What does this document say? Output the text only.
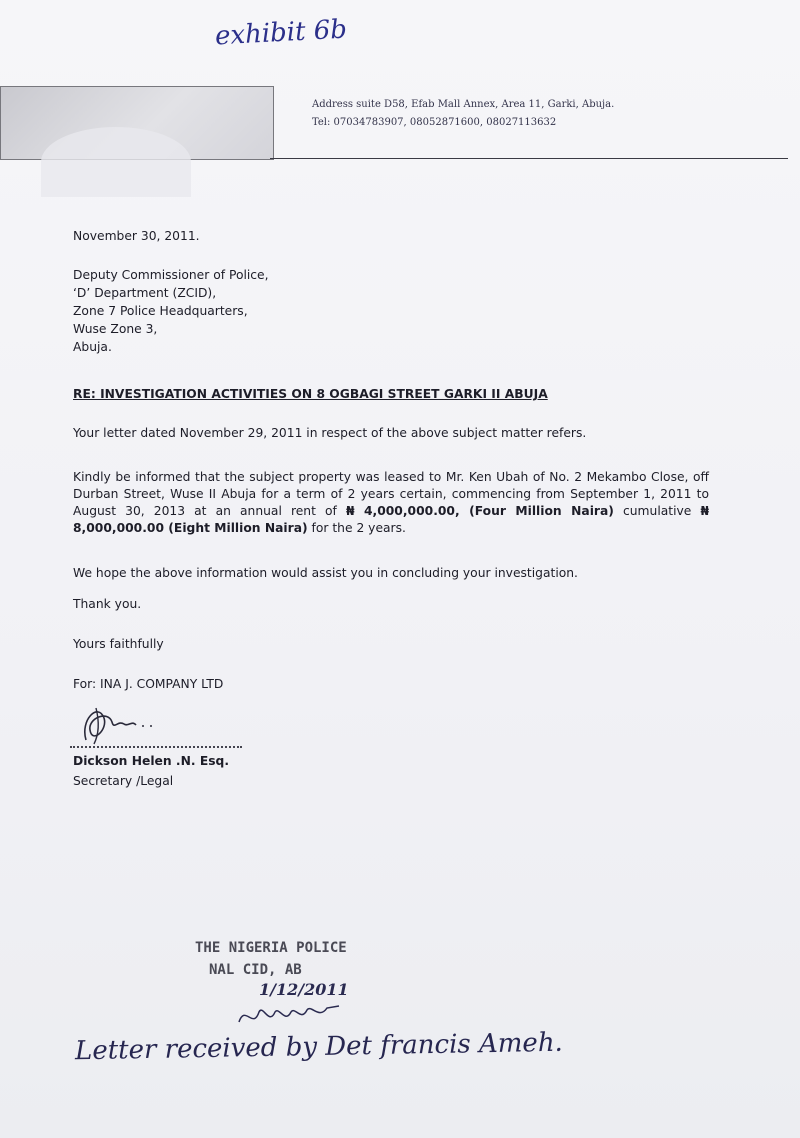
exhibit 6b
Address suite D58, Efab Mall Annex, Area 11, Garki, Abuja.
Tel: 07034783907, 08052871600, 08027113632
November 30, 2011.
Deputy Commissioner of Police,
‘D’ Department (ZCID),
Zone 7 Police Headquarters,
Wuse Zone 3,
Abuja.
RE: INVESTIGATION ACTIVITIES ON 8 OGBAGI STREET GARKI II ABUJA
Your letter dated November 29, 2011 in respect of the above subject matter refers.
Kindly be informed that the subject property was leased to Mr. Ken Ubah of No. 2 Mekambo Close, off Durban Street, Wuse II Abuja for a term of 2 years certain, commencing from September 1, 2011 to August 30, 2013 at an annual rent of ₦ 4,000,000.00, (Four Million Naira) cumulative ₦ 8,000,000.00 (Eight Million Naira) for the 2 years.
We hope the above information would assist you in concluding your investigation.
Thank you.
Yours faithfully
For: INA J. COMPANY LTD
Dickson Helen .N. Esq.
Secretary /Legal
THE NIGERIA POLICE
NAL CID, AB
1/12/2011
Letter received by Det francis Ameh.
